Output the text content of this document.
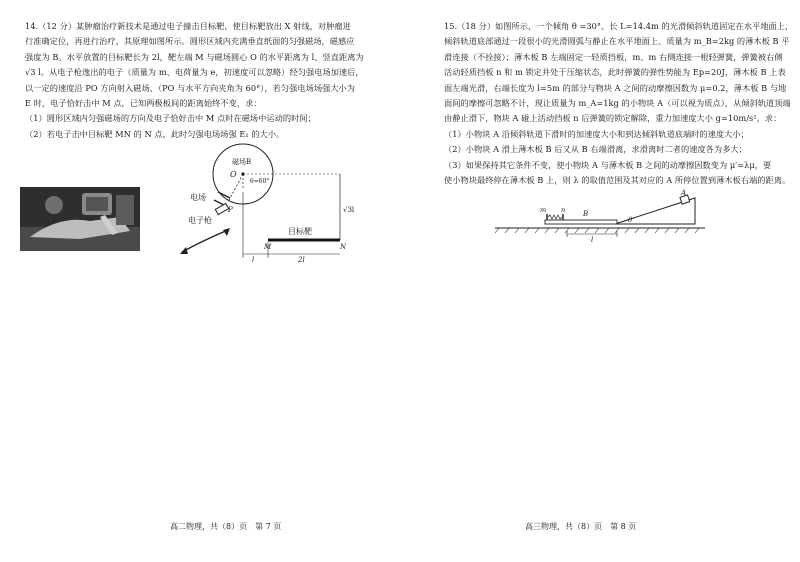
14.（12 分）某肿瘤治疗新技术是通过电子撞击目标靶，使目标靶放出 X 射线，对肿瘤进

行准确定位，再进行治疗，其原理如图所示。圆形区域内充满垂直纸面的匀强磁场，磁感应

强度为 B。水平放置的目标靶长为 2l，靶左端 M 与磁场圆心 O 的水平距离为 l、竖直距离为

√3 l。从电子枪逸出的电子（质量为 m、电荷量为 e，初速度可以忽略）经匀强电场加速后，

以一定的速度沿 PO 方向射入磁场，（PO 与水平方向夹角为 60°），若匀强电场场强大小为

E 时，电子恰好击中 M 点，已知两极板间的距离始终不变，求：

（1）圆形区域内匀强磁场的方向及电子恰好击中 M 点时在磁场中运动的时间；

（2）若电子击中目标靶 MN 的 N 点，此时匀强电场场强 E₁ 的大小。

磁场B
O
θ=60°
电场
P
电子枪
√3l
目标靶
M	N
l	2l

高二物理，共（8）页　第 7 页

15.（18 分）如图所示，一个倾角 θ =30°、长 L=14.4m 的光滑倾斜轨道固定在水平地面上，

倾斜轨道底部通过一段很小的光滑圆弧与静止在水平地面上、质量为 m_B=2kg 的薄木板 B 平

滑连接（不拴接）；薄木板 B 左端固定一轻质挡板，m、m 右侧连接一根轻弹簧，弹簧被右侧

活动轻质挡板 n 和 m 锁定并处于压缩状态，此时弹簧的弹性势能为 Ep=20J，薄木板 B 上表

面左端光滑，右端长度为 l=5m 的部分与物块 A 之间的动摩擦因数为 μ=0.2，薄木板 B 与地

面间的摩擦可忽略不计，现让质量为 m_A=1kg 的小物块 A（可以视为质点），从倾斜轨道顶端

由静止滑下，物块 A 碰上活动挡板 n 后弹簧的锁定解除，重力加速度大小 g=10m/s²，求：

（1）小物块 A 沿倾斜轨道下滑时的加速度大小和到达倾斜轨道底端时的速度大小；

（2）小物块 A 滑上薄木板 B 后又从 B 右端滑离，求滑离时二者的速度各为多大；

（3）如果保持其它条件不变，使小物块 A 与薄木板 B 之间的动摩擦因数变为 μ′=λμ，要

使小物块最终停在薄木板 B 上，则 λ 的取值范围及其对应的 A 所停位置到薄木板右端的距离。

θ
A
B
m n
l
高三物理，共（8）页　第 8 页
